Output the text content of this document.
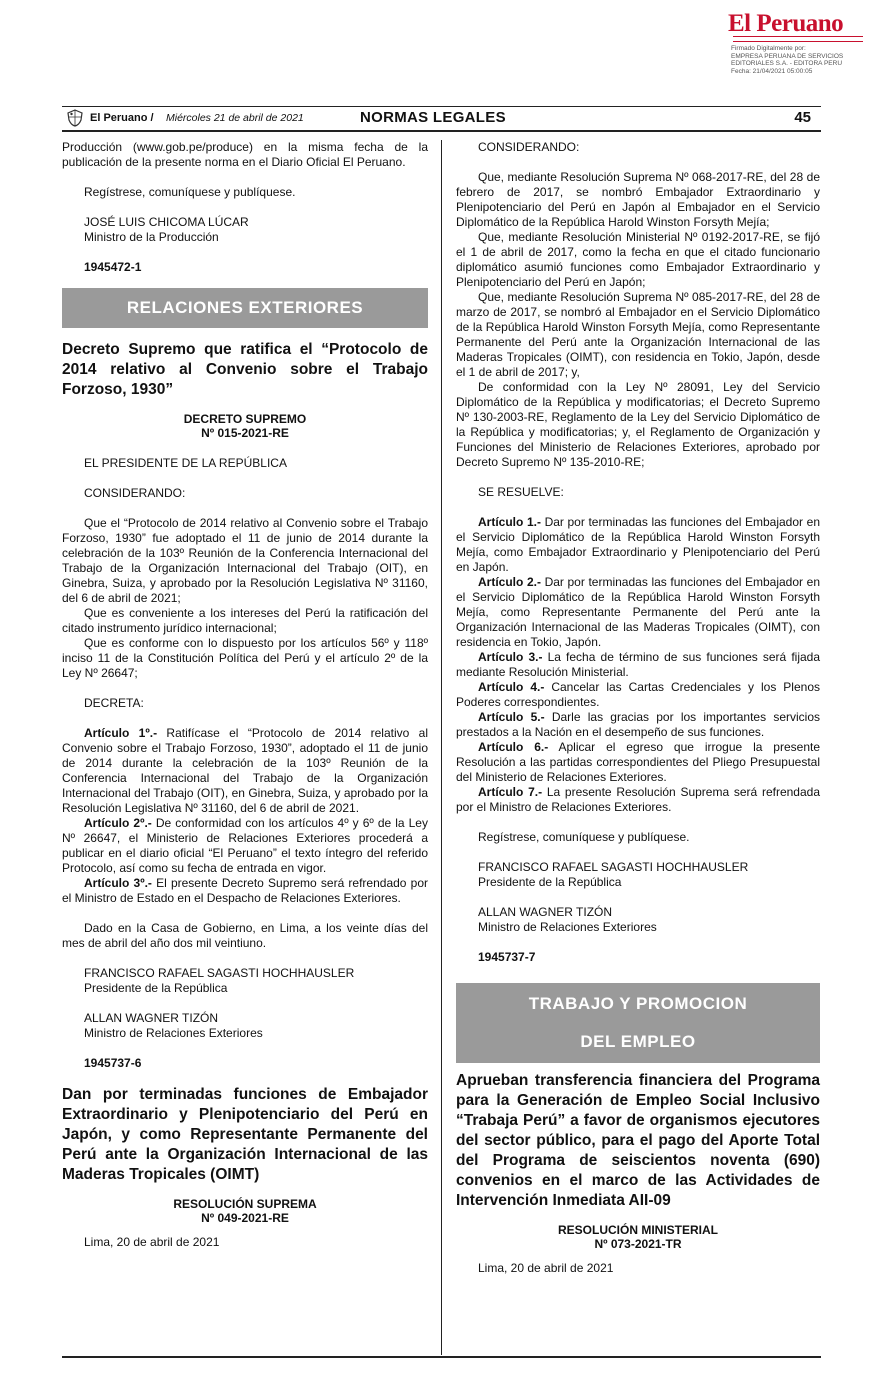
El Peruano
Firmado Digitalmente por:
EMPRESA PERUANA DE SERVICIOS
EDITORIALES S.A. - EDITORA PERU
Fecha: 21/04/2021 05:00:05
El Peruano / Miércoles 21 de abril de 2021	NORMAS LEGALES	45

Producción (www.gob.pe/produce) en la misma fecha de la publicación de la presente norma en el Diario Oficial El Peruano.

Regístrese, comuníquese y publíquese.

JOSÉ LUIS CHICOMA LÚCAR

Ministro de la Producción

1945472-1

RELACIONES EXTERIORES

Decreto Supremo que ratifica el “Protocolo de 2014 relativo al Convenio sobre el Trabajo Forzoso, 1930”

DECRETO SUPREMO

Nº 015-2021-RE

EL PRESIDENTE DE LA REPÚBLICA

CONSIDERANDO:

Que el “Protocolo de 2014 relativo al Convenio sobre el Trabajo Forzoso, 1930” fue adoptado el 11 de junio de 2014 durante la celebración de la 103º Reunión de la Conferencia Internacional del Trabajo de la Organización Internacional del Trabajo (OIT), en Ginebra, Suiza, y aprobado por la Resolución Legislativa Nº 31160, del 6 de abril de 2021;

Que es conveniente a los intereses del Perú la ratificación del citado instrumento jurídico internacional;

Que es conforme con lo dispuesto por los artículos 56º y 118º inciso 11 de la Constitución Política del Perú y el artículo 2º de la Ley Nº 26647;

DECRETA:

Artículo 1º.- Ratifícase el “Protocolo de 2014 relativo al Convenio sobre el Trabajo Forzoso, 1930”, adoptado el 11 de junio de 2014 durante la celebración de la 103º Reunión de la Conferencia Internacional del Trabajo de la Organización Internacional del Trabajo (OIT), en Ginebra, Suiza, y aprobado por la Resolución Legislativa Nº 31160, del 6 de abril de 2021.

Artículo 2º.- De conformidad con los artículos 4º y 6º de la Ley Nº 26647, el Ministerio de Relaciones Exteriores procederá a publicar en el diario oficial “El Peruano” el texto íntegro del referido Protocolo, así como su fecha de entrada en vigor.

Artículo 3º.- El presente Decreto Supremo será refrendado por el Ministro de Estado en el Despacho de Relaciones Exteriores.

Dado en la Casa de Gobierno, en Lima, a los veinte días del mes de abril del año dos mil veintiuno.

FRANCISCO RAFAEL SAGASTI HOCHHAUSLER

Presidente de la República

ALLAN WAGNER TIZÓN

Ministro de Relaciones Exteriores

1945737-6

Dan por terminadas funciones de Embajador Extraordinario y Plenipotenciario del Perú en Japón, y como Representante Permanente del Perú ante la Organización Internacional de las Maderas Tropicales (OIMT)

RESOLUCIÓN SUPREMA

Nº 049-2021-RE

Lima, 20 de abril de 2021

CONSIDERANDO:

Que, mediante Resolución Suprema Nº 068-2017-RE, del 28 de febrero de 2017, se nombró Embajador Extraordinario y Plenipotenciario del Perú en Japón al Embajador en el Servicio Diplomático de la República Harold Winston Forsyth Mejía;

Que, mediante Resolución Ministerial Nº 0192-2017-RE, se fijó el 1 de abril de 2017, como la fecha en que el citado funcionario diplomático asumió funciones como Embajador Extraordinario y Plenipotenciario del Perú en Japón;

Que, mediante Resolución Suprema Nº 085-2017-RE, del 28 de marzo de 2017, se nombró al Embajador en el Servicio Diplomático de la República Harold Winston Forsyth Mejía, como Representante Permanente del Perú ante la Organización Internacional de las Maderas Tropicales (OIMT), con residencia en Tokio, Japón, desde el 1 de abril de 2017; y,

De conformidad con la Ley Nº 28091, Ley del Servicio Diplomático de la República y modificatorias; el Decreto Supremo Nº 130-2003-RE, Reglamento de la Ley del Servicio Diplomático de la República y modificatorias; y, el Reglamento de Organización y Funciones del Ministerio de Relaciones Exteriores, aprobado por Decreto Supremo Nº 135-2010-RE;

SE RESUELVE:

Artículo 1.- Dar por terminadas las funciones del Embajador en el Servicio Diplomático de la República Harold Winston Forsyth Mejía, como Embajador Extraordinario y Plenipotenciario del Perú en Japón.

Artículo 2.- Dar por terminadas las funciones del Embajador en el Servicio Diplomático de la República Harold Winston Forsyth Mejía, como Representante Permanente del Perú ante la Organización Internacional de las Maderas Tropicales (OIMT), con residencia en Tokio, Japón.

Artículo 3.- La fecha de término de sus funciones será fijada mediante Resolución Ministerial.

Artículo 4.- Cancelar las Cartas Credenciales y los Plenos Poderes correspondientes.

Artículo 5.- Darle las gracias por los importantes servicios prestados a la Nación en el desempeño de sus funciones.

Artículo 6.- Aplicar el egreso que irrogue la presente Resolución a las partidas correspondientes del Pliego Presupuestal del Ministerio de Relaciones Exteriores.

Artículo 7.- La presente Resolución Suprema será refrendada por el Ministro de Relaciones Exteriores.

Regístrese, comuníquese y publíquese.

FRANCISCO RAFAEL SAGASTI HOCHHAUSLER

Presidente de la República

ALLAN WAGNER TIZÓN

Ministro de Relaciones Exteriores

1945737-7

TRABAJO Y PROMOCION
DEL EMPLEO

Aprueban transferencia financiera del Programa para la Generación de Empleo Social Inclusivo “Trabaja Perú” a favor de organismos ejecutores del sector público, para el pago del Aporte Total del Programa de seiscientos noventa (690) convenios en el marco de las Actividades de Intervención Inmediata AII-09

RESOLUCIÓN MINISTERIAL

Nº 073-2021-TR

Lima, 20 de abril de 2021
